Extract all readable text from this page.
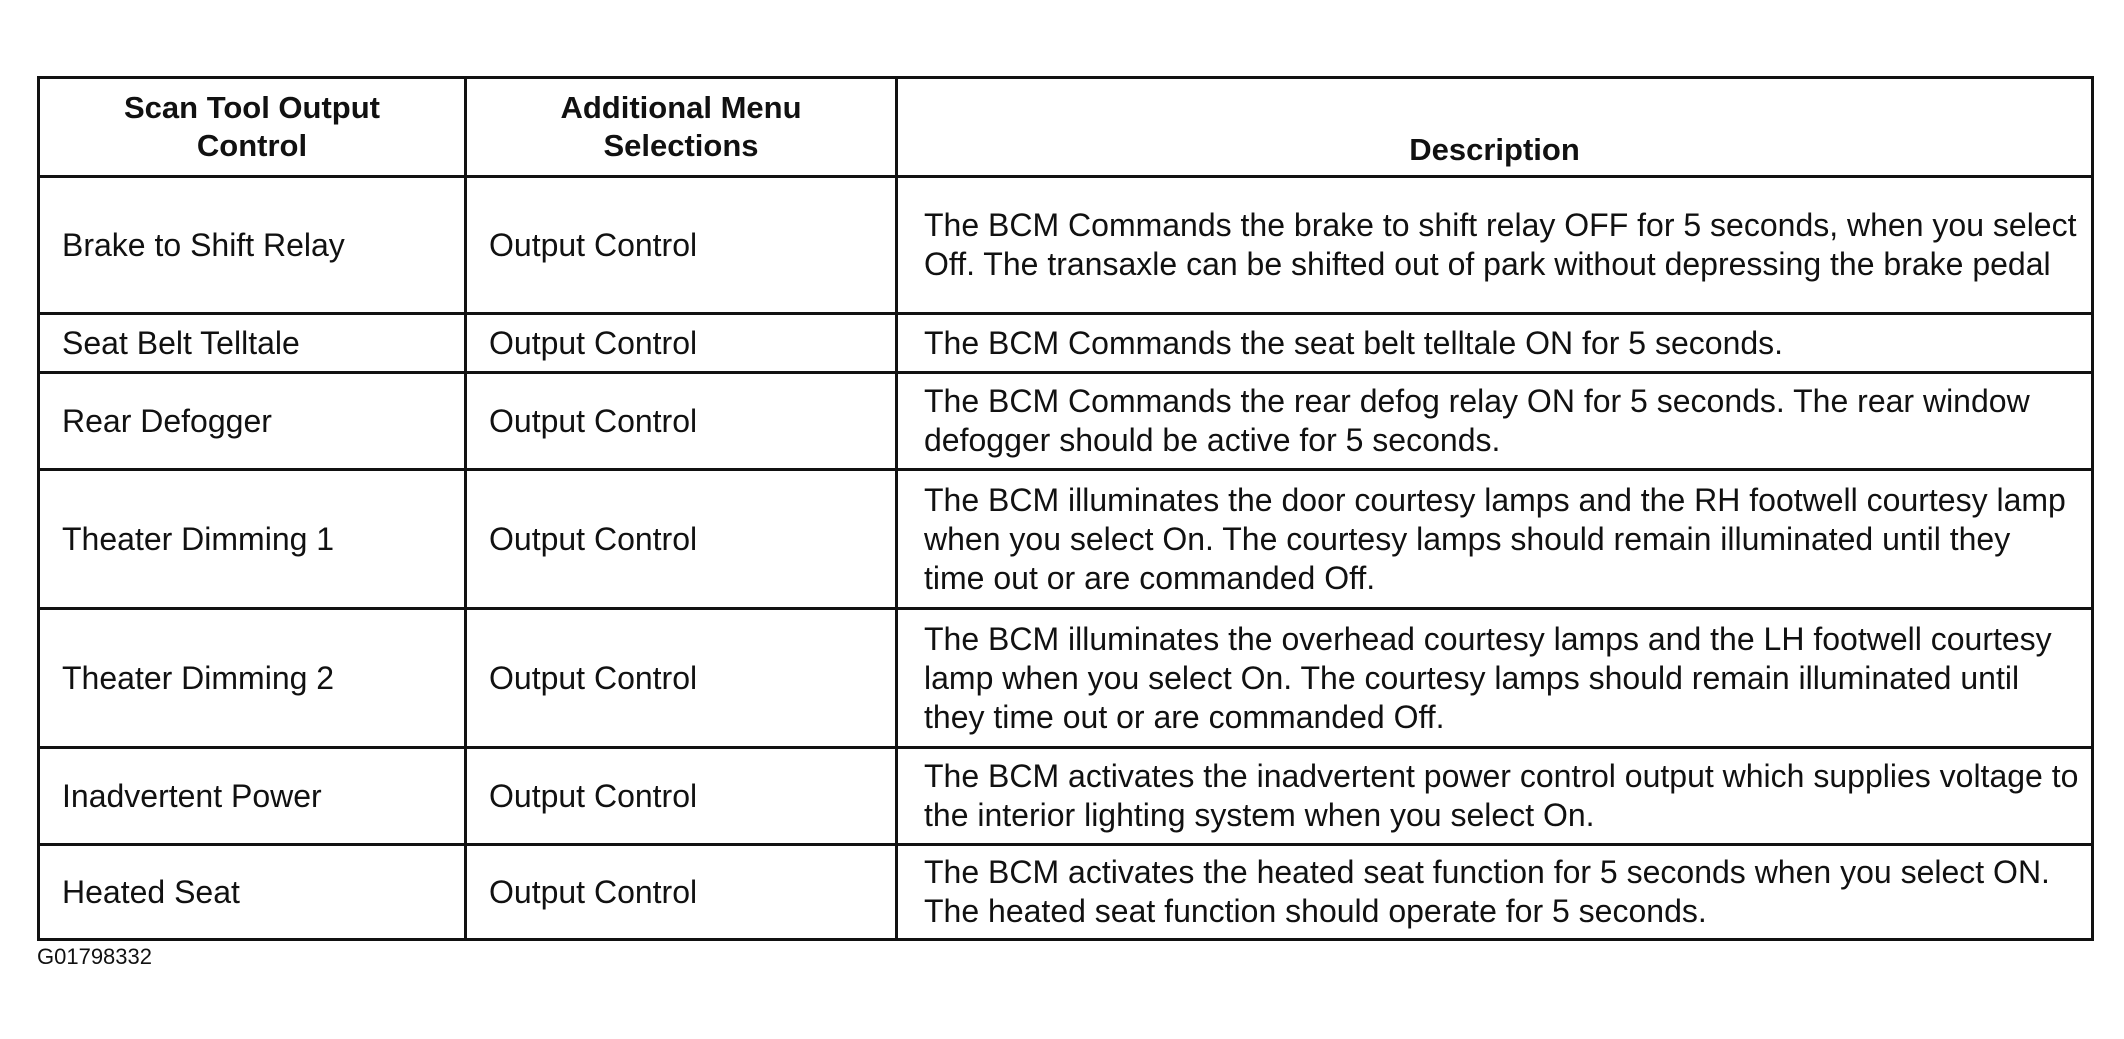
Scan Tool Output Control	Additional Menu Selections	Description
Brake to Shift Relay	Output Control	The BCM Commands the brake to shift relay OFF for 5 seconds, when you select Off. The transaxle can be shifted out of park without depressing the brake pedal
Seat Belt Telltale	Output Control	The BCM Commands the seat belt telltale ON for 5 seconds.
Rear Defogger	Output Control	The BCM Commands the rear defog relay ON for 5 seconds. The rear window defogger should be active for 5 seconds.
Theater Dimming 1	Output Control	The BCM illuminates the door courtesy lamps and the RH footwell courtesy lamp when you select On. The courtesy lamps should remain illuminated until they time out or are commanded Off.
Theater Dimming 2	Output Control	The BCM illuminates the overhead courtesy lamps and the LH footwell courtesy lamp when you select On. The courtesy lamps should remain illuminated until they time out or are commanded Off.
Inadvertent Power	Output Control	The BCM activates the inadvertent power control output which supplies voltage to the interior lighting system when you select On.
Heated Seat	Output Control	The BCM activates the heated seat function for 5 seconds when you select ON. The heated seat function should operate for 5 seconds.
G01798332
